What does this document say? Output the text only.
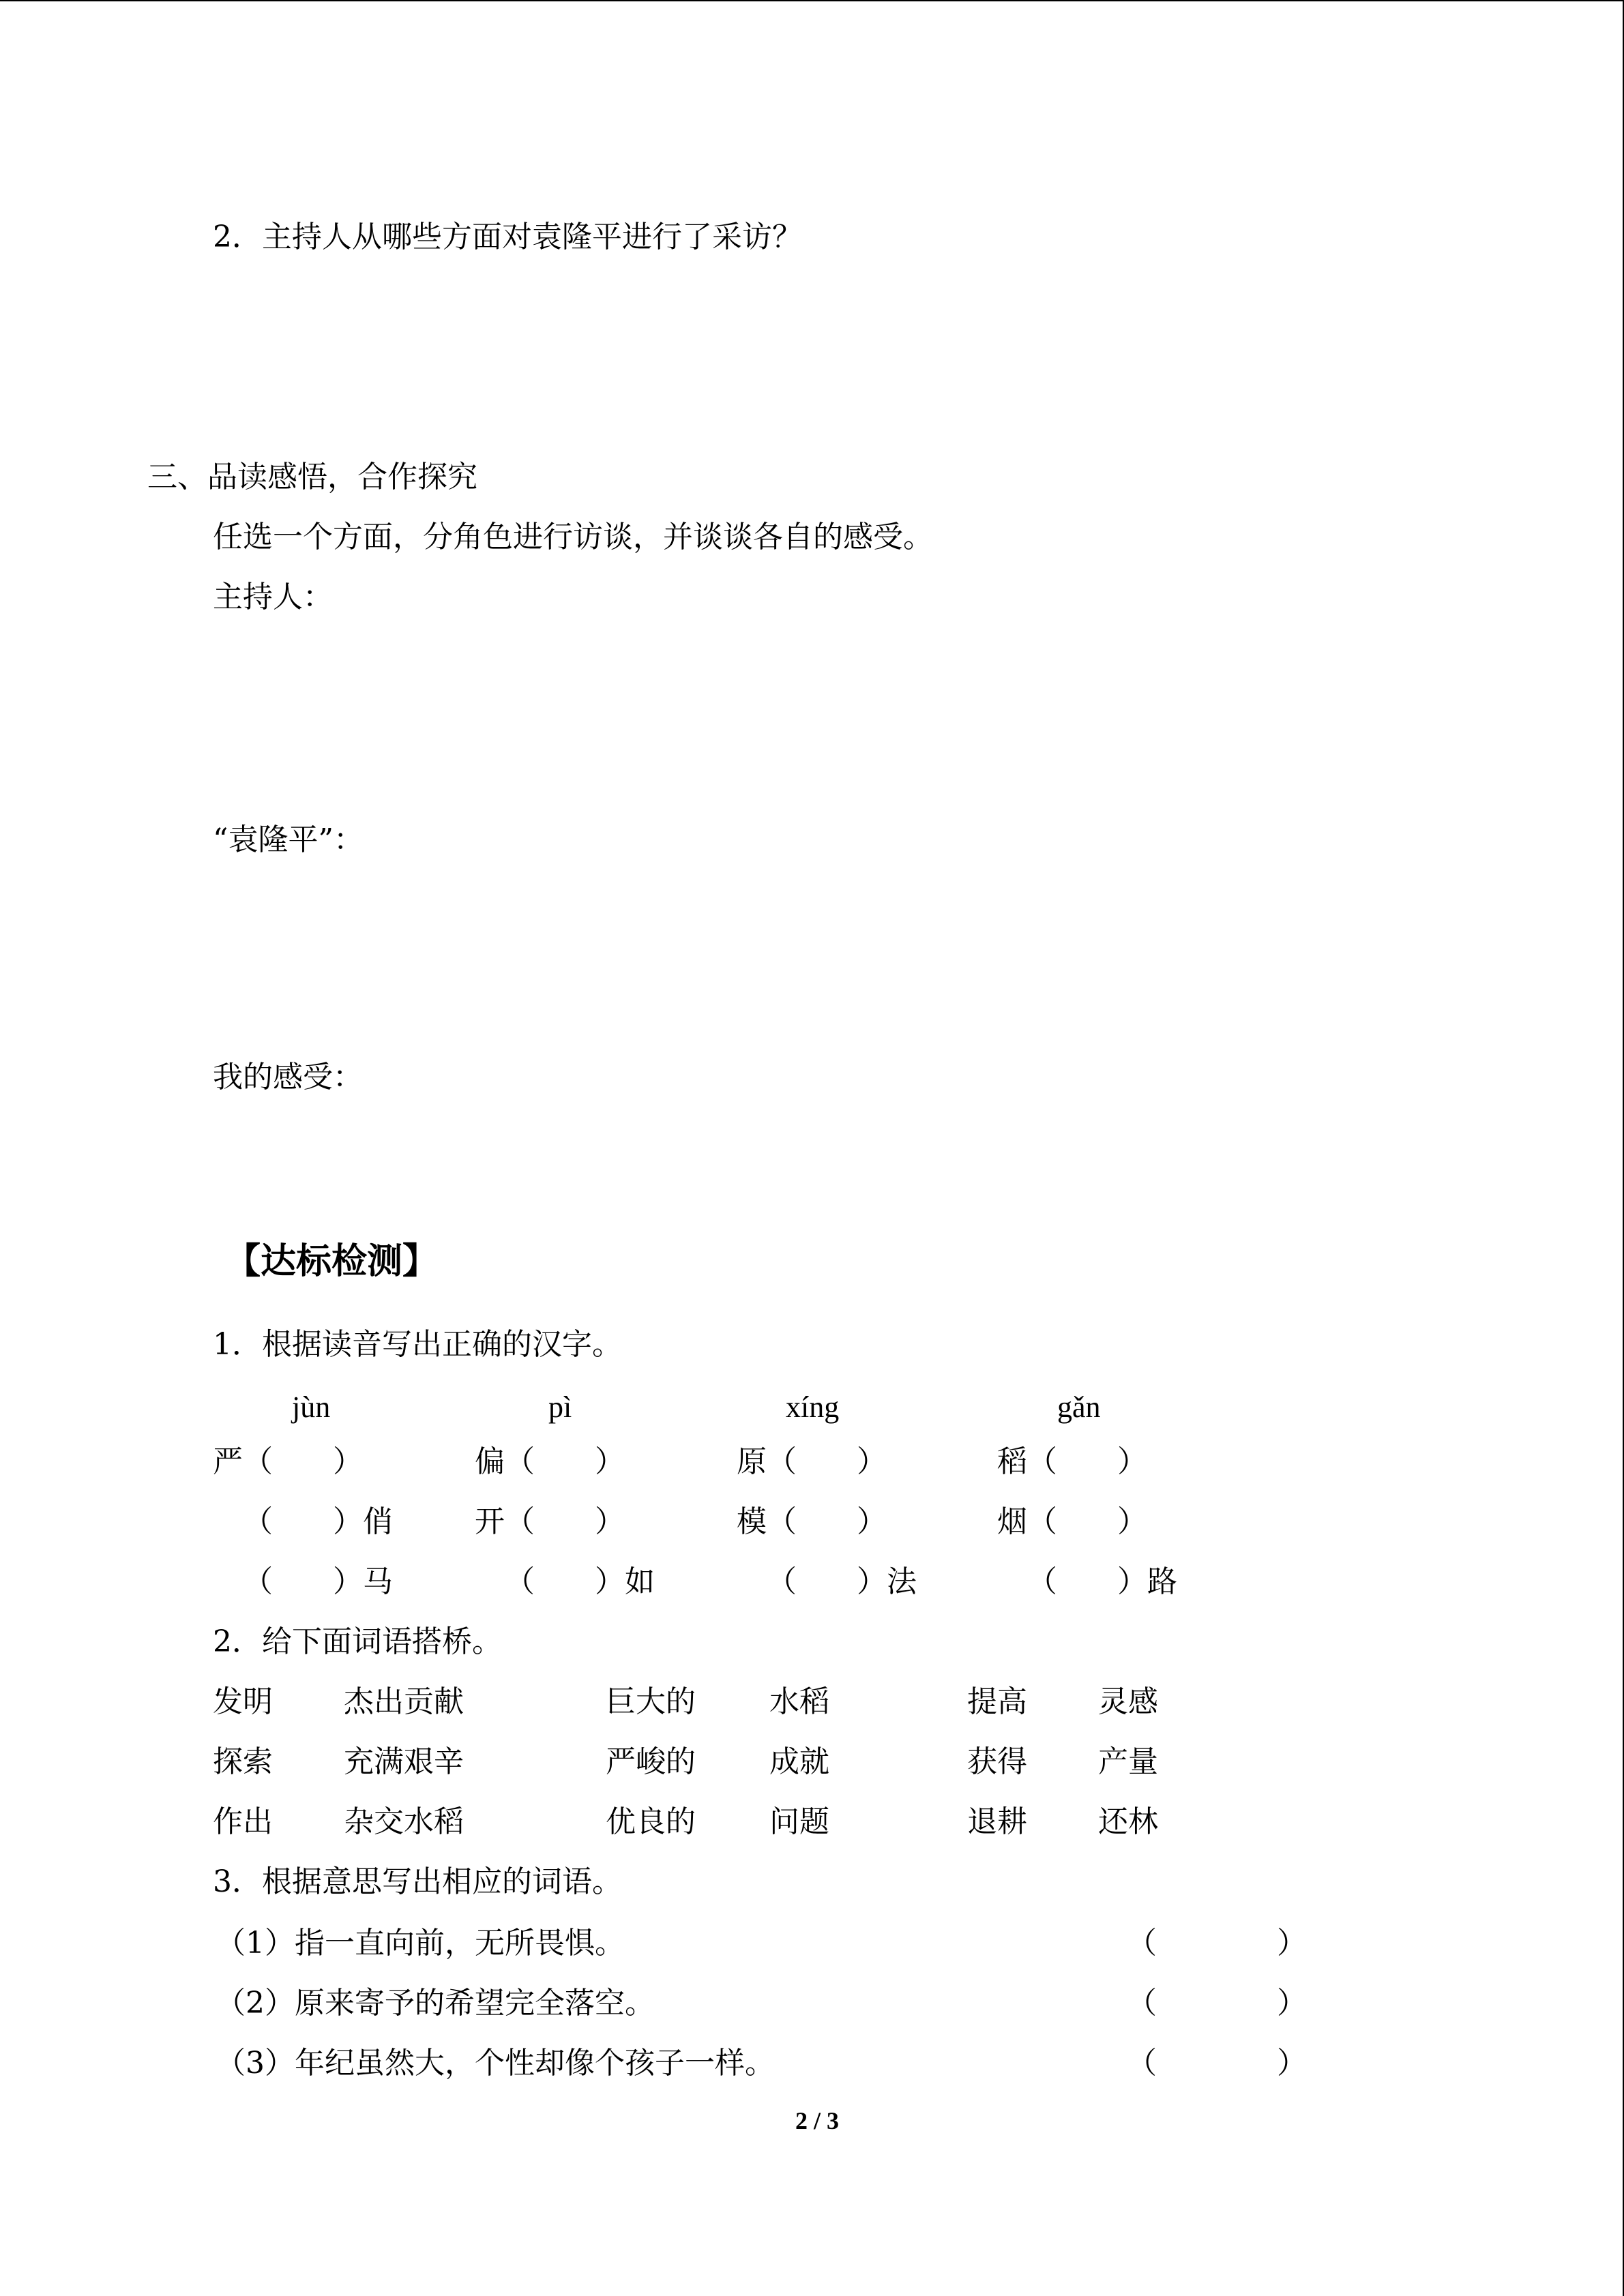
2．主持人从哪些方面对袁隆平进行了采访？
三、品读感悟，合作探究
任选一个方面，分角色进行访谈，并谈谈各自的感受。
主持人：
“袁隆平”：
我的感受：
【达标检测】
1．根据读音写出正确的汉字。
jùn	pì	xíng	gǎn
严（　　）	偏（　　）	原（　　）	稻（　　）
（　　）俏	开（　　）	模（　　）	烟（　　）
（　　）马	（　　）如	（　　）法	（　　）路
2．给下面词语搭桥。
发明 杰出贡献	巨大的 水稻	提高 灵感
探索 充满艰辛	严峻的 成就	获得 产量
作出 杂交水稻	优良的 问题	退耕 还林
3．根据意思写出相应的词语。
（1）指一直向前，无所畏惧。	（　　　　）
（2）原来寄予的希望完全落空。	（　　　　）
（3）年纪虽然大，个性却像个孩子一样。	（　　　　）
2 / 3
